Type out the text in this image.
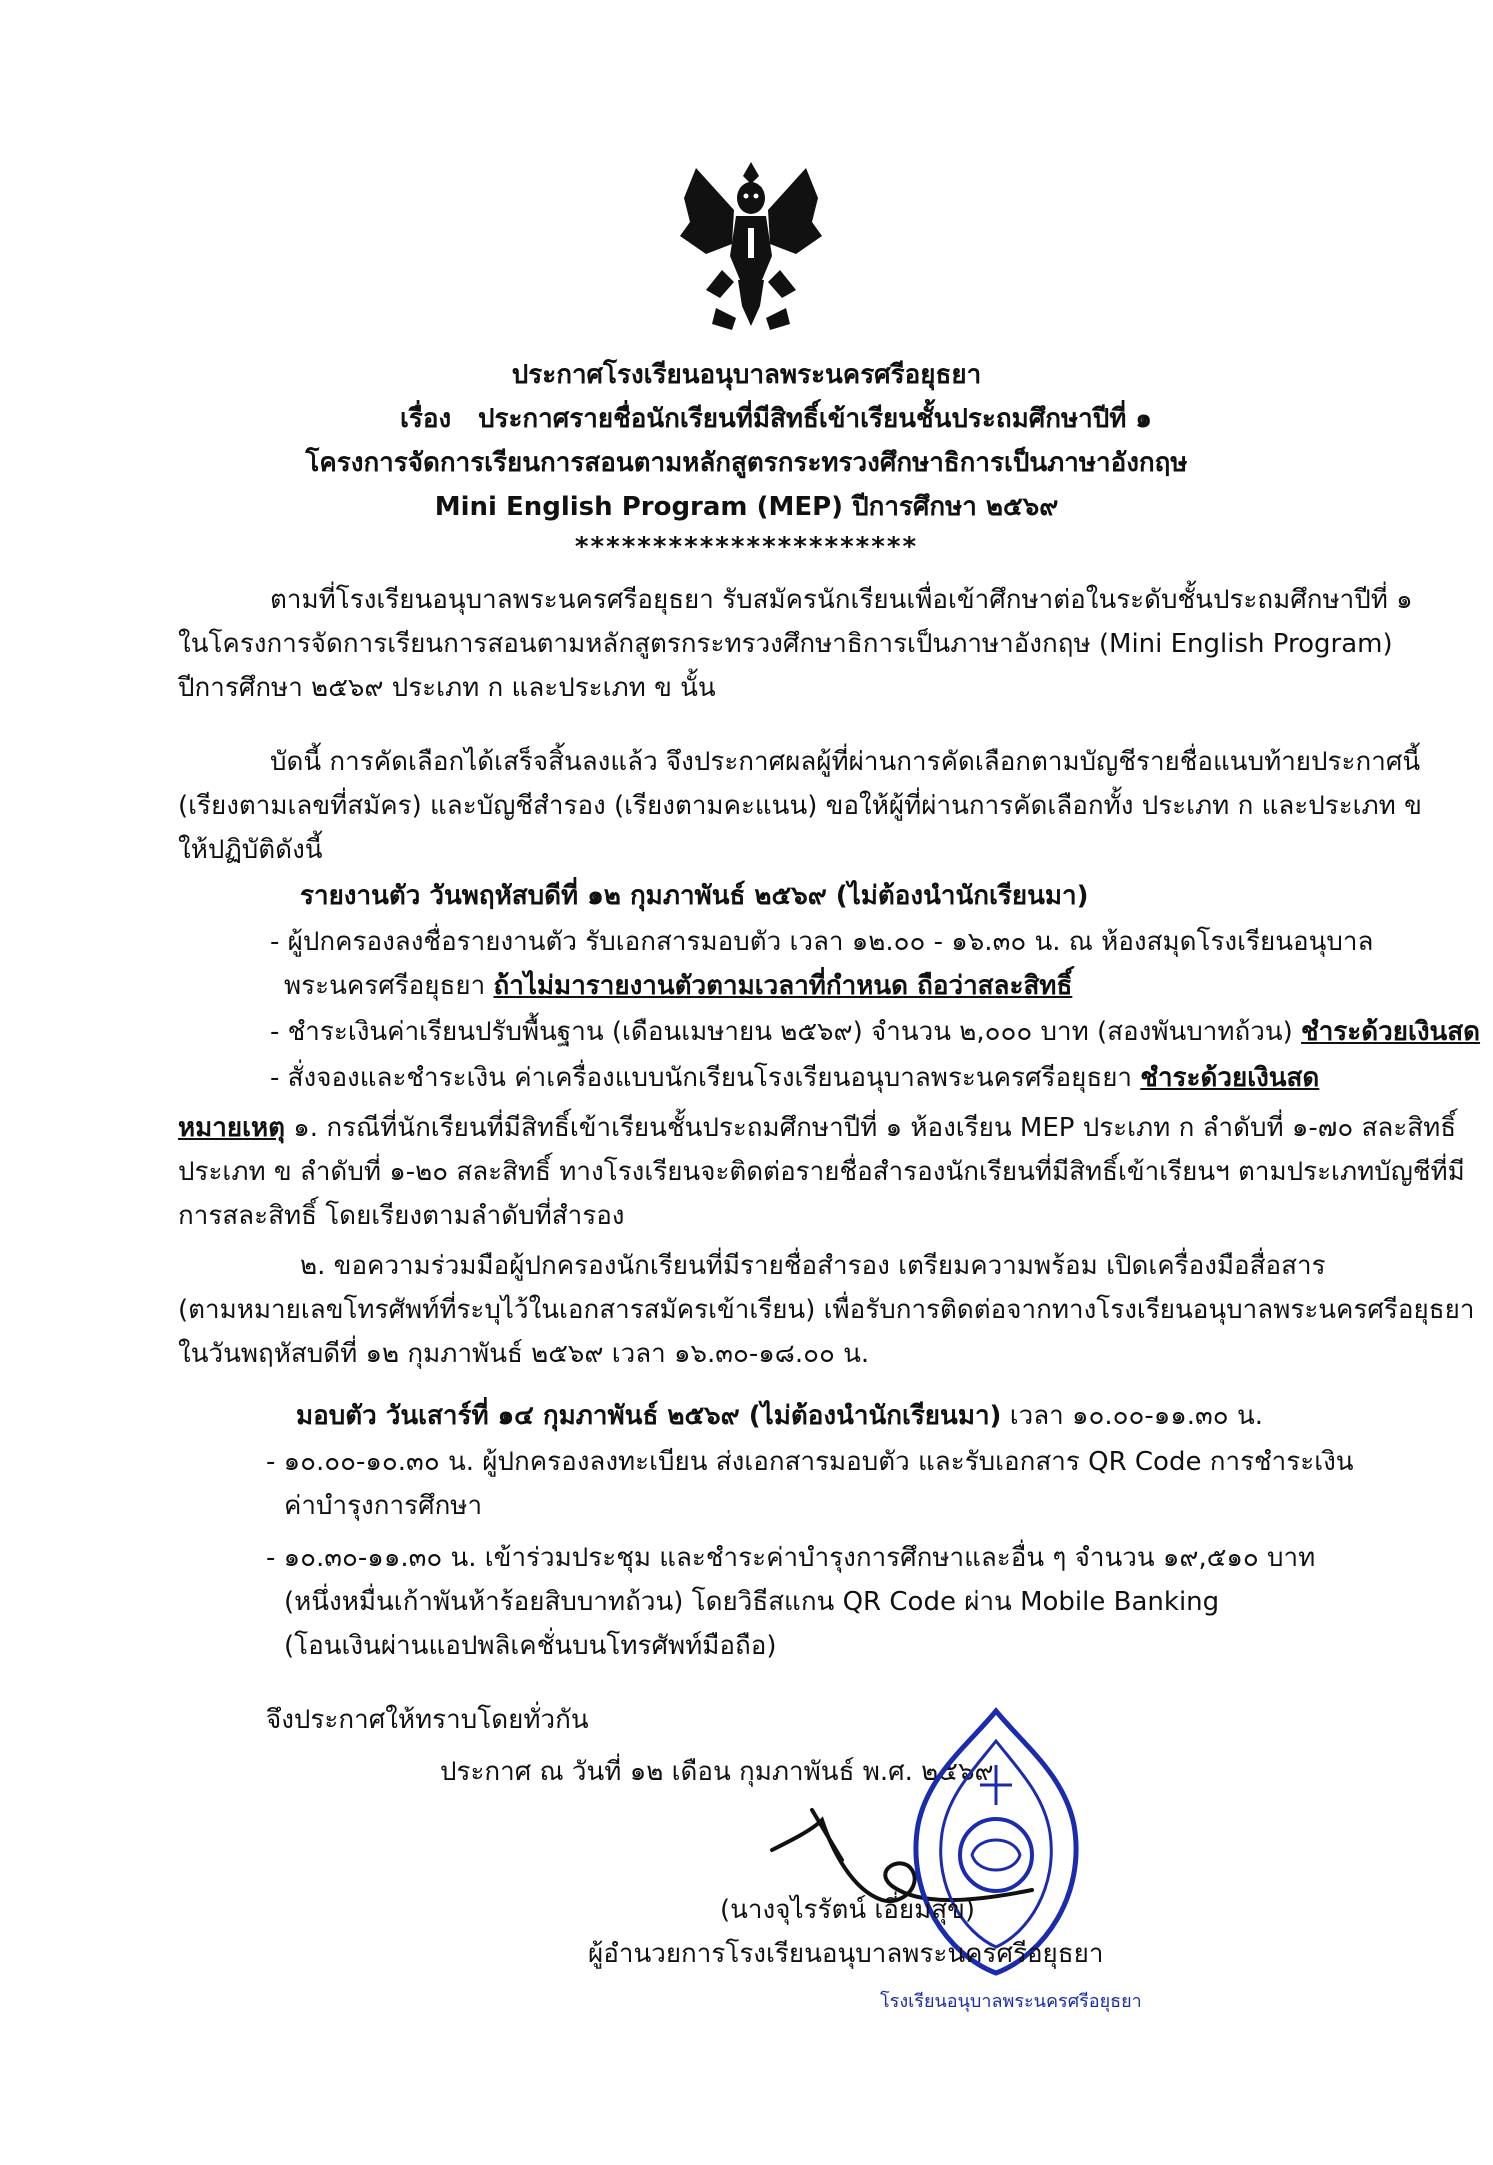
ประกาศโรงเรียนอนุบาลพระนครศรีอยุธยา
เรื่อง ประกาศรายชื่อนักเรียนที่มีสิทธิ์เข้าเรียนชั้นประถมศึกษาปีที่ ๑
โครงการจัดการเรียนการสอนตามหลักสูตรกระทรวงศึกษาธิการเป็นภาษาอังกฤษ
Mini English Program (MEP) ปีการศึกษา ๒๕๖๙
**********************
ตามที่โรงเรียนอนุบาลพระนครศรีอยุธยา รับสมัครนักเรียนเพื่อเข้าศึกษาต่อในระดับชั้นประถมศึกษาปีที่ ๑
ในโครงการจัดการเรียนการสอนตามหลักสูตรกระทรวงศึกษาธิการเป็นภาษาอังกฤษ (Mini English Program)
ปีการศึกษา ๒๕๖๙ ประเภท ก และประเภท ข นั้น
บัดนี้ การคัดเลือกได้เสร็จสิ้นลงแล้ว จึงประกาศผลผู้ที่ผ่านการคัดเลือกตามบัญชีรายชื่อแนบท้ายประกาศนี้
(เรียงตามเลขที่สมัคร) และบัญชีสำรอง (เรียงตามคะแนน) ขอให้ผู้ที่ผ่านการคัดเลือกทั้ง ประเภท ก และประเภท ข
ให้ปฏิบัติดังนี้
รายงานตัว วันพฤหัสบดีที่ ๑๒ กุมภาพันธ์ ๒๕๖๙ (ไม่ต้องนำนักเรียนมา)
- ผู้ปกครองลงชื่อรายงานตัว รับเอกสารมอบตัว เวลา ๑๒.๐๐ - ๑๖.๓๐ น. ณ ห้องสมุดโรงเรียนอนุบาล
พระนครศรีอยุธยา ถ้าไม่มารายงานตัวตามเวลาที่กำหนด ถือว่าสละสิทธิ์
- ชำระเงินค่าเรียนปรับพื้นฐาน (เดือนเมษายน ๒๕๖๙) จำนวน ๒,๐๐๐ บาท (สองพันบาทถ้วน) ชำระด้วยเงินสด
- สั่งจองและชำระเงิน ค่าเครื่องแบบนักเรียนโรงเรียนอนุบาลพระนครศรีอยุธยา ชำระด้วยเงินสด
หมายเหตุ ๑. กรณีที่นักเรียนที่มีสิทธิ์เข้าเรียนชั้นประถมศึกษาปีที่ ๑ ห้องเรียน MEP ประเภท ก ลำดับที่ ๑-๗๐ สละสิทธิ์
ประเภท ข ลำดับที่ ๑-๒๐ สละสิทธิ์ ทางโรงเรียนจะติดต่อรายชื่อสำรองนักเรียนที่มีสิทธิ์เข้าเรียนฯ ตามประเภทบัญชีที่มี
การสละสิทธิ์ โดยเรียงตามลำดับที่สำรอง
๒. ขอความร่วมมือผู้ปกครองนักเรียนที่มีรายชื่อสำรอง เตรียมความพร้อม เปิดเครื่องมือสื่อสาร
(ตามหมายเลขโทรศัพท์ที่ระบุไว้ในเอกสารสมัครเข้าเรียน) เพื่อรับการติดต่อจากทางโรงเรียนอนุบาลพระนครศรีอยุธยา
ในวันพฤหัสบดีที่ ๑๒ กุมภาพันธ์ ๒๕๖๙ เวลา ๑๖.๓๐-๑๘.๐๐ น.
มอบตัว วันเสาร์ที่ ๑๔ กุมภาพันธ์ ๒๕๖๙ (ไม่ต้องนำนักเรียนมา) เวลา ๑๐.๐๐-๑๑.๓๐ น.
- ๑๐.๐๐-๑๐.๓๐ น. ผู้ปกครองลงทะเบียน ส่งเอกสารมอบตัว และรับเอกสาร QR Code การชำระเงิน
ค่าบำรุงการศึกษา
- ๑๐.๓๐-๑๑.๓๐ น. เข้าร่วมประชุม และชำระค่าบำรุงการศึกษาและอื่น ๆ จำนวน ๑๙,๕๑๐ บาท
(หนึ่งหมื่นเก้าพันห้าร้อยสิบบาทถ้วน) โดยวิธีสแกน QR Code ผ่าน Mobile Banking
(โอนเงินผ่านแอปพลิเคชั่นบนโทรศัพท์มือถือ)
จึงประกาศให้ทราบโดยทั่วกัน
ประกาศ ณ วันที่ ๑๒ เดือน กุมภาพันธ์ พ.ศ. ๒๕๖๙
(นางจุไรรัตน์ เอี่ยมสุข)
ผู้อำนวยการโรงเรียนอนุบาลพระนครศรีอยุธยา
โรงเรียนอนุบาลพระนครศรีอยุธยา
